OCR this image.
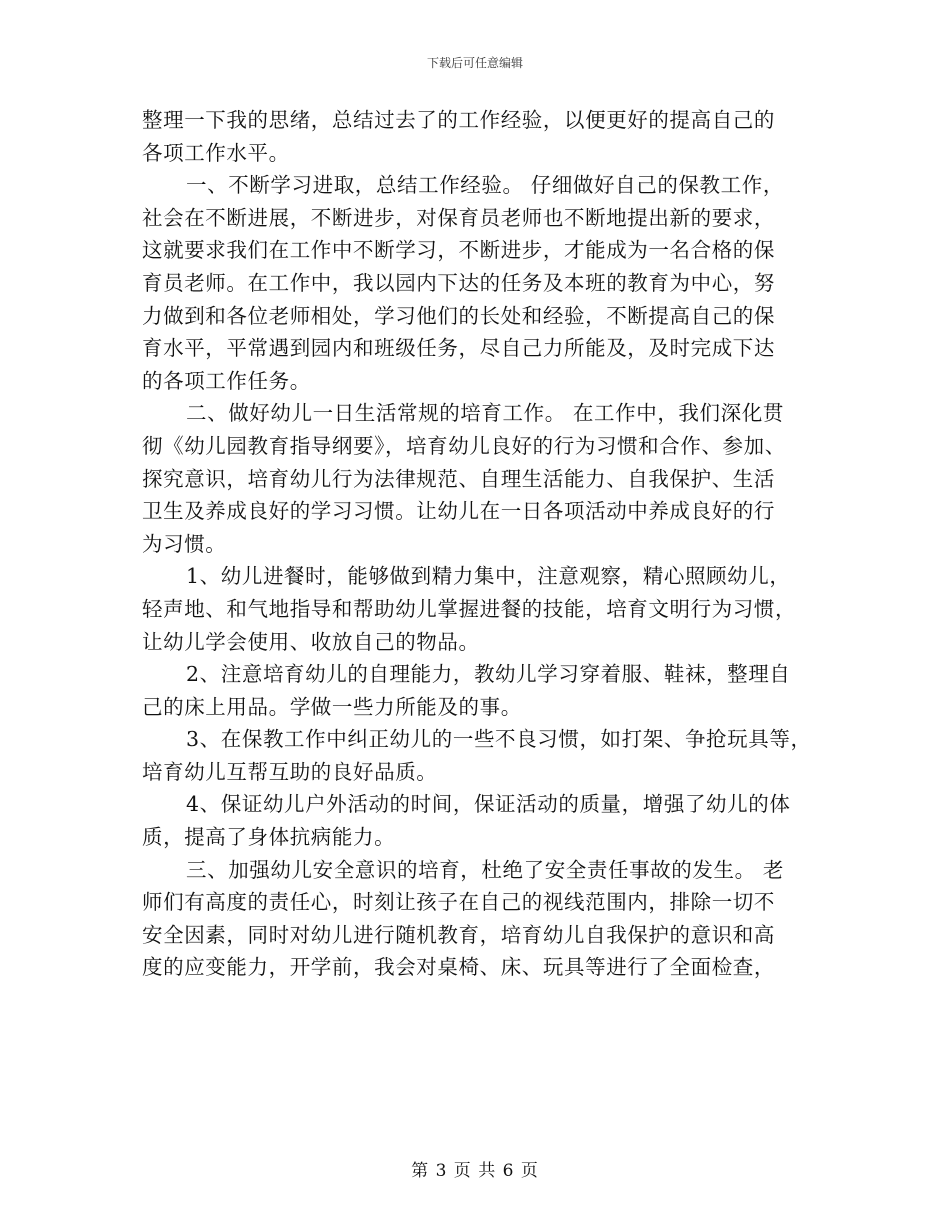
下载后可任意编辑
整理一下我的思绪，总结过去了的工作经验，以便更好的提高自己的
各项工作水平。
一、不断学习进取，总结工作经验。 仔细做好自己的保教工作，
社会在不断进展，不断进步，对保育员老师也不断地提出新的要求，
这就要求我们在工作中不断学习，不断进步，才能成为一名合格的保
育员老师。在工作中，我以园内下达的任务及本班的教育为中心，努
力做到和各位老师相处，学习他们的长处和经验，不断提高自己的保
育水平，平常遇到园内和班级任务，尽自己力所能及，及时完成下达
的各项工作任务。
二、做好幼儿一日生活常规的培育工作。 在工作中，我们深化贯
彻《幼儿园教育指导纲要》，培育幼儿良好的行为习惯和合作、参加、
探究意识，培育幼儿行为法律规范、自理生活能力、自我保护、生活
卫生及养成良好的学习习惯。让幼儿在一日各项活动中养成良好的行
为习惯。
1、幼儿进餐时，能够做到精力集中，注意观察，精心照顾幼儿，
轻声地、和气地指导和帮助幼儿掌握进餐的技能，培育文明行为习惯，
让幼儿学会使用、收放自己的物品。
2、注意培育幼儿的自理能力，教幼儿学习穿着服、鞋袜，整理自
己的床上用品。学做一些力所能及的事。
3、在保教工作中纠正幼儿的一些不良习惯，如打架、争抢玩具等，
培育幼儿互帮互助的良好品质。
4、保证幼儿户外活动的时间，保证活动的质量，增强了幼儿的体
质，提高了身体抗病能力。
三、加强幼儿安全意识的培育，杜绝了安全责任事故的发生。 老
师们有高度的责任心，时刻让孩子在自己的视线范围内，排除一切不
安全因素，同时对幼儿进行随机教育，培育幼儿自我保护的意识和高
度的应变能力，开学前，我会对桌椅、床、玩具等进行了全面检查，
第 3 页 共 6 页
